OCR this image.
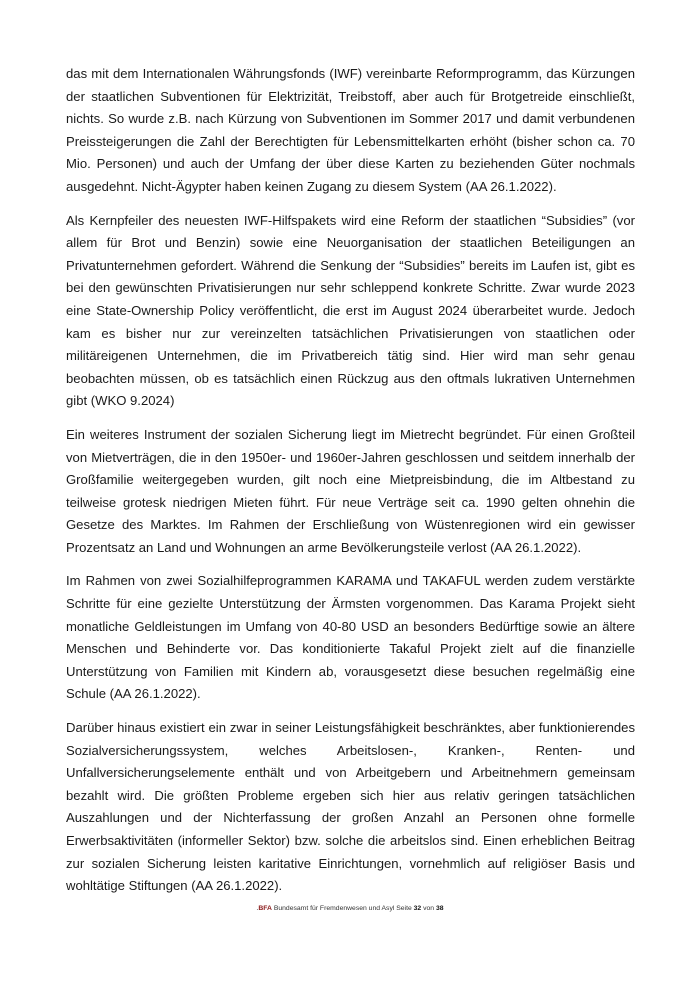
das mit dem Internationalen Währungsfonds (IWF) vereinbarte Reformprogramm, das Kürzungen der staatlichen Subventionen für Elektrizität, Treibstoff, aber auch für Brotgetreide einschließt, nichts. So wurde z.B. nach Kürzung von Subventionen im Sommer 2017 und damit verbundenen Preissteigerungen die Zahl der Berechtigten für Lebensmittelkarten erhöht (bisher schon ca. 70 Mio. Personen) und auch der Umfang der über diese Karten zu beziehenden Güter nochmals ausgedehnt. Nicht-Ägypter haben keinen Zugang zu diesem System (AA 26.1.2022).

Als Kernpfeiler des neuesten IWF-Hilfspakets wird eine Reform der staatlichen “Subsidies” (vor allem für Brot und Benzin) sowie eine Neuorganisation der staatlichen Beteiligungen an Privatunternehmen gefordert. Während die Senkung der “Subsidies” bereits im Laufen ist, gibt es bei den gewünschten Privatisierungen nur sehr schleppend konkrete Schritte. Zwar wurde 2023 eine State-Ownership Policy veröffentlicht, die erst im August 2024 überarbeitet wurde. Jedoch kam es bisher nur zur vereinzelten tatsächlichen Privatisierungen von staatlichen oder militäreigenen Unternehmen, die im Privatbereich tätig sind. Hier wird man sehr genau beobachten müssen, ob es tatsächlich einen Rückzug aus den oftmals lukrativen Unternehmen gibt (WKO 9.2024)

Ein weiteres Instrument der sozialen Sicherung liegt im Mietrecht begründet. Für einen Großteil von Mietverträgen, die in den 1950er- und 1960er-Jahren geschlossen und seitdem innerhalb der Großfamilie weitergegeben wurden, gilt noch eine Mietpreisbindung, die im Altbestand zu teilweise grotesk niedrigen Mieten führt. Für neue Verträge seit ca. 1990 gelten ohnehin die Gesetze des Marktes. Im Rahmen der Erschließung von Wüstenregionen wird ein gewisser Prozentsatz an Land und Wohnungen an arme Bevölkerungsteile verlost (AA 26.1.2022).

Im Rahmen von zwei Sozialhilfeprogrammen KARAMA und TAKAFUL werden zudem verstärkte Schritte für eine gezielte Unterstützung der Ärmsten vorgenommen. Das Karama Projekt sieht monatliche Geldleistungen im Umfang von 40-80 USD an besonders Bedürftige sowie an ältere Menschen und Behinderte vor. Das konditionierte Takaful Projekt zielt auf die finanzielle Unterstützung von Familien mit Kindern ab, vorausgesetzt diese besuchen regelmäßig eine Schule (AA 26.1.2022).

Darüber hinaus existiert ein zwar in seiner Leistungsfähigkeit beschränktes, aber funktionierendes Sozialversicherungssystem, welches Arbeitslosen-, Kranken-, Renten- und Unfallversicherungselemente enthält und von Arbeitgebern und Arbeitnehmern gemeinsam bezahlt wird. Die größten Probleme ergeben sich hier aus relativ geringen tatsächlichen Auszahlungen und der Nichterfassung der großen Anzahl an Personen ohne formelle Erwerbsaktivitäten (informeller Sektor) bzw. solche die arbeitslos sind. Einen erheblichen Beitrag zur sozialen Sicherung leisten karitative Einrichtungen, vornehmlich auf religiöser Basis und wohltätige Stiftungen (AA 26.1.2022).

.BFA Bundesamt für Fremdenwesen und Asyl Seite 32 von 38
